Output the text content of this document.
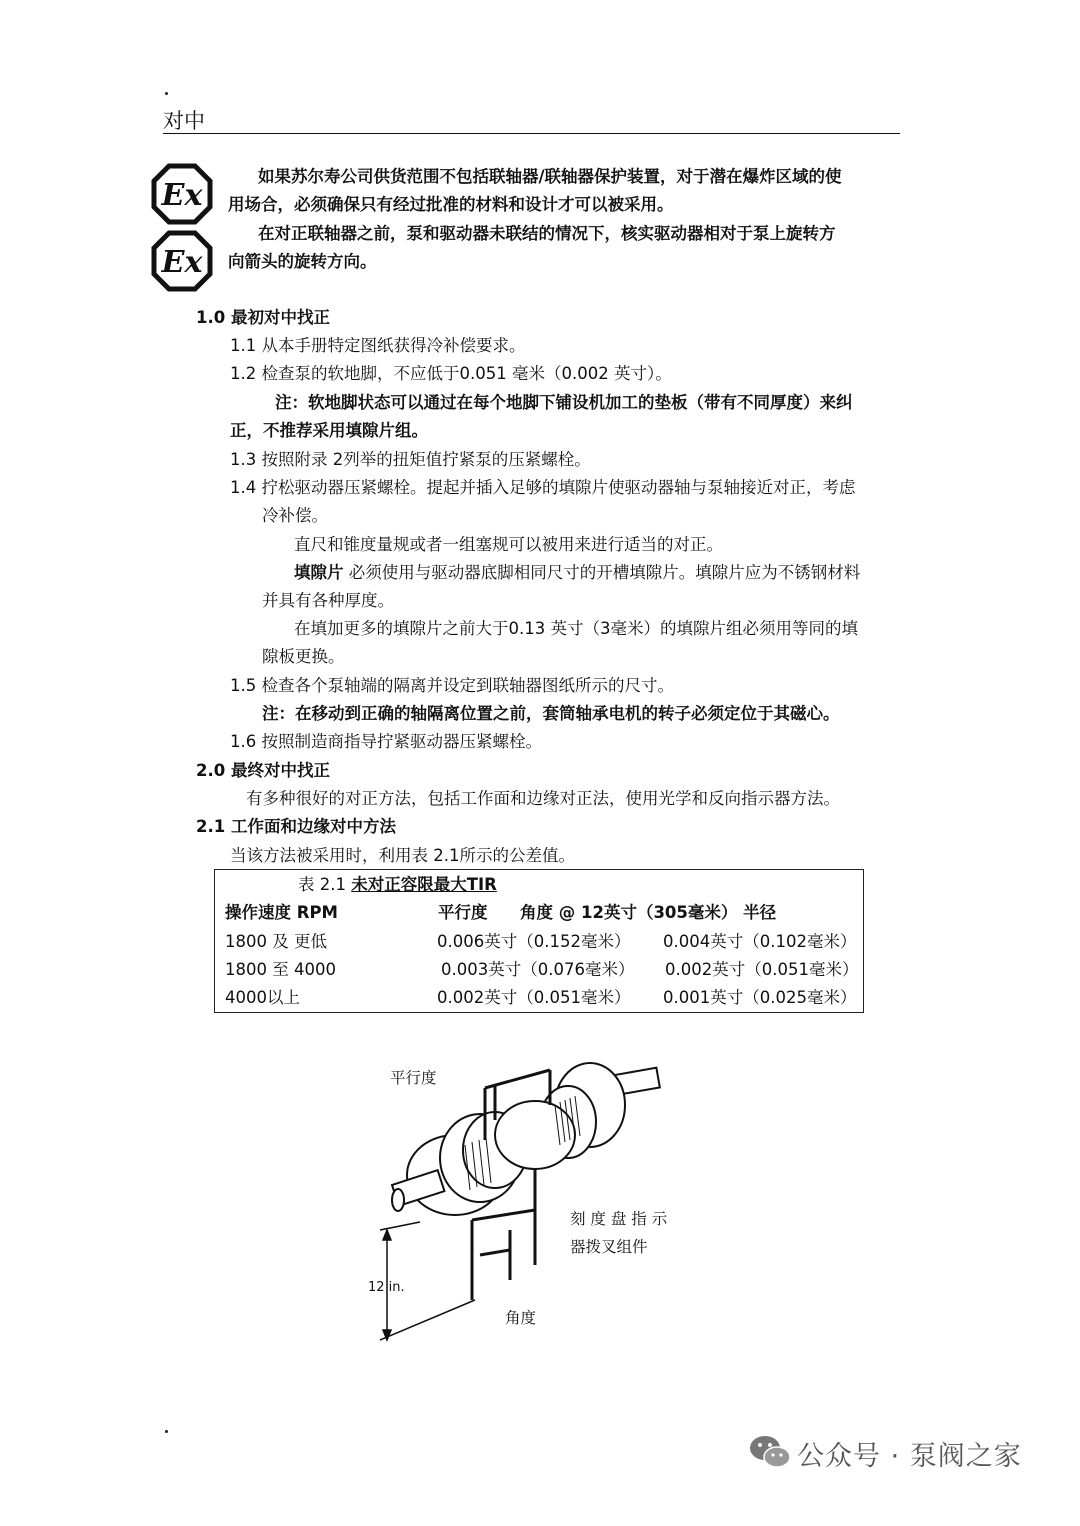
对中
Ex
Ex
如果苏尔寿公司供货范围不包括联轴器/联轴器保护装置，对于潜在爆炸区域的使
用场合，必须确保只有经过批准的材料和设计才可以被采用。
在对正联轴器之前，泵和驱动器未联结的情况下，核实驱动器相对于泵上旋转方
向箭头的旋转方向。
1.0 最初对中找正
1.1 从本手册特定图纸获得冷补偿要求。
1.2 检查泵的软地脚，不应低于0.051 毫米（0.002 英寸）。
注：软地脚状态可以通过在每个地脚下铺设机加工的垫板（带有不同厚度）来纠
正，不推荐采用填隙片组。
1.3 按照附录 2列举的扭矩值拧紧泵的压紧螺栓。
1.4 拧松驱动器压紧螺栓。提起并插入足够的填隙片使驱动器轴与泵轴接近对正，考虑
冷补偿。
直尺和锥度量规或者一组塞规可以被用来进行适当的对正。
填隙片 必须使用与驱动器底脚相同尺寸的开槽填隙片。填隙片应为不锈钢材料
并具有各种厚度。
在填加更多的填隙片之前大于0.13 英寸（3毫米）的填隙片组必须用等同的填
隙板更换。
1.5 检查各个泵轴端的隔离并设定到联轴器图纸所示的尺寸。
注：在移动到正确的轴隔离位置之前，套筒轴承电机的转子必须定位于其磁心。
1.6 按照制造商指导拧紧驱动器压紧螺栓。
2.0 最终对中找正
有多种很好的对正方法，包括工作面和边缘对正法，使用光学和反向指示器方法。
2.1 工作面和边缘对中方法
当该方法被采用时，利用表 2.1所示的公差值。
表 2.1 未对正容限最大TIR
操作速度 RPM	平行度 角度 @ 12英寸（305毫米） 半径
1800 及 更低	0.006英寸（0.152毫米） 0.004英寸（0.102毫米）
1800 至 4000	0.003英寸（0.076毫米） 0.002英寸（0.051毫米）
4000以上	0.002英寸（0.051毫米） 0.001英寸（0.025毫米）
平行度
刻 度 盘 指 示
器拨叉组件
12 in.
角度
公众号 · 泵阀之家
